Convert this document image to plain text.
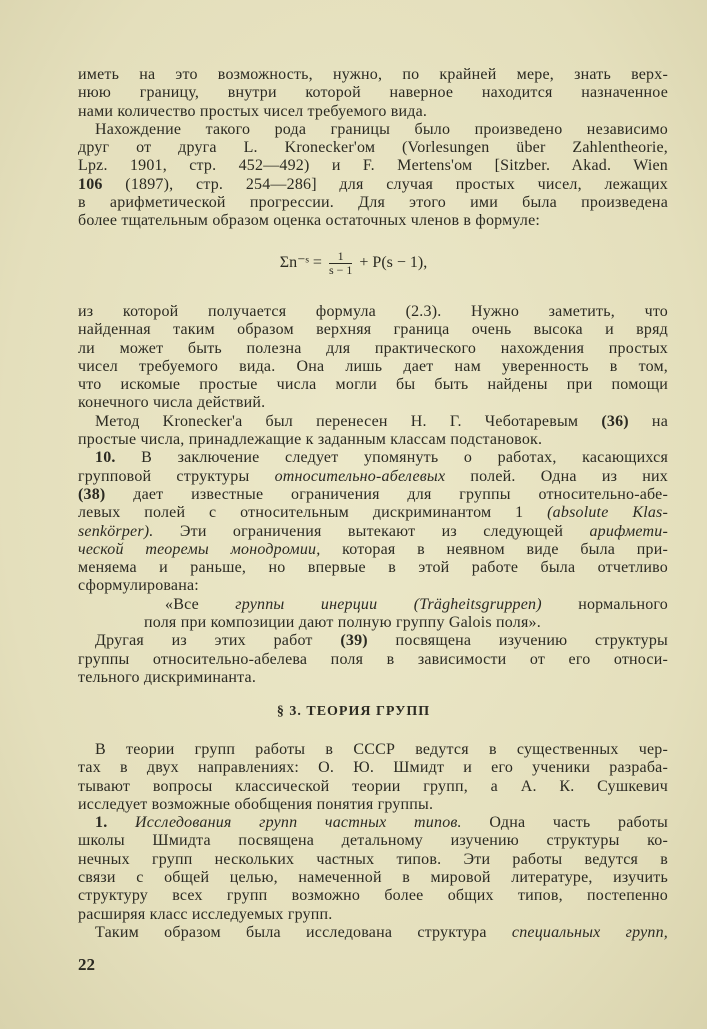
иметь на это возможность, нужно, по крайней мере, знать верх-
нюю границу, внутри которой наверное находится назначенное
нами количество простых чисел требуемого вида.
Нахождение такого рода границы было произведено независимо
друг от друга L. Kronecker'ом (Vorlesungen über Zahlentheorie,
Lpz. 1901, стр. 452—492) и F. Mertens'ом [Sitzber. Akad. Wien
106 (1897), стр. 254—286] для случая простых чисел, лежащих
в арифметической прогрессии. Для этого ими была произведена
более тщательным образом оценка остаточных членов в формуле:
Σn⁻ˢ = $\frac{1}{s - 1} + P(s - 1)$,
из которой получается формула (2.3). Нужно заметить, что
найденная таким образом верхняя граница очень высока и вряд
ли может быть полезна для практического нахождения простых
чисел требуемого вида. Она лишь дает нам уверенность в том,
что искомые простые числа могли бы быть найдены при помощи
конечного числа действий.
Метод Kronecker'a был перенесен Н. Г. Чеботаревым (36) на
простые числа, принадлежащие к заданным классам подстановок.
10. В заключение следует упомянуть о работах, касающихся
групповой структуры относительно-абелевых полей. Одна из них
(38) дает известные ограничения для группы относительно-абе-
левых полей с относительным дискриминантом 1 (absolute Klas-
senkörper). Эти ограничения вытекают из следующей арифмети-
ческой теоремы монодромии, которая в неявном виде была при-
меняема и раньше, но впервые в этой работе была отчетливо
сформулирована:
«Все группы инерции (Trägheitsgruppen) нормального
поля при композиции дают полную группу Galois поля».
Другая из этих работ (39) посвящена изучению структуры
группы относительно-абелева поля в зависимости от его относи-
тельного дискриминанта.
§ 3. ТЕОРИЯ ГРУПП
В теории групп работы в СССР ведутся в существенных чер-
тах в двух направлениях: О. Ю. Шмидт и его ученики разраба-
тывают вопросы классической теории групп, а А. К. Сушкевич
исследует возможные обобщения понятия группы.
1. Исследования групп частных типов. Одна часть работы
школы Шмидта посвящена детальному изучению структуры ко-
нечных групп нескольких частных типов. Эти работы ведутся в
связи с общей целью, намеченной в мировой литературе, изучить
структуру всех групп возможно более общих типов, постепенно
расширяя класс исследуемых групп.
Таким образом была исследована структура специальных групп,
22
